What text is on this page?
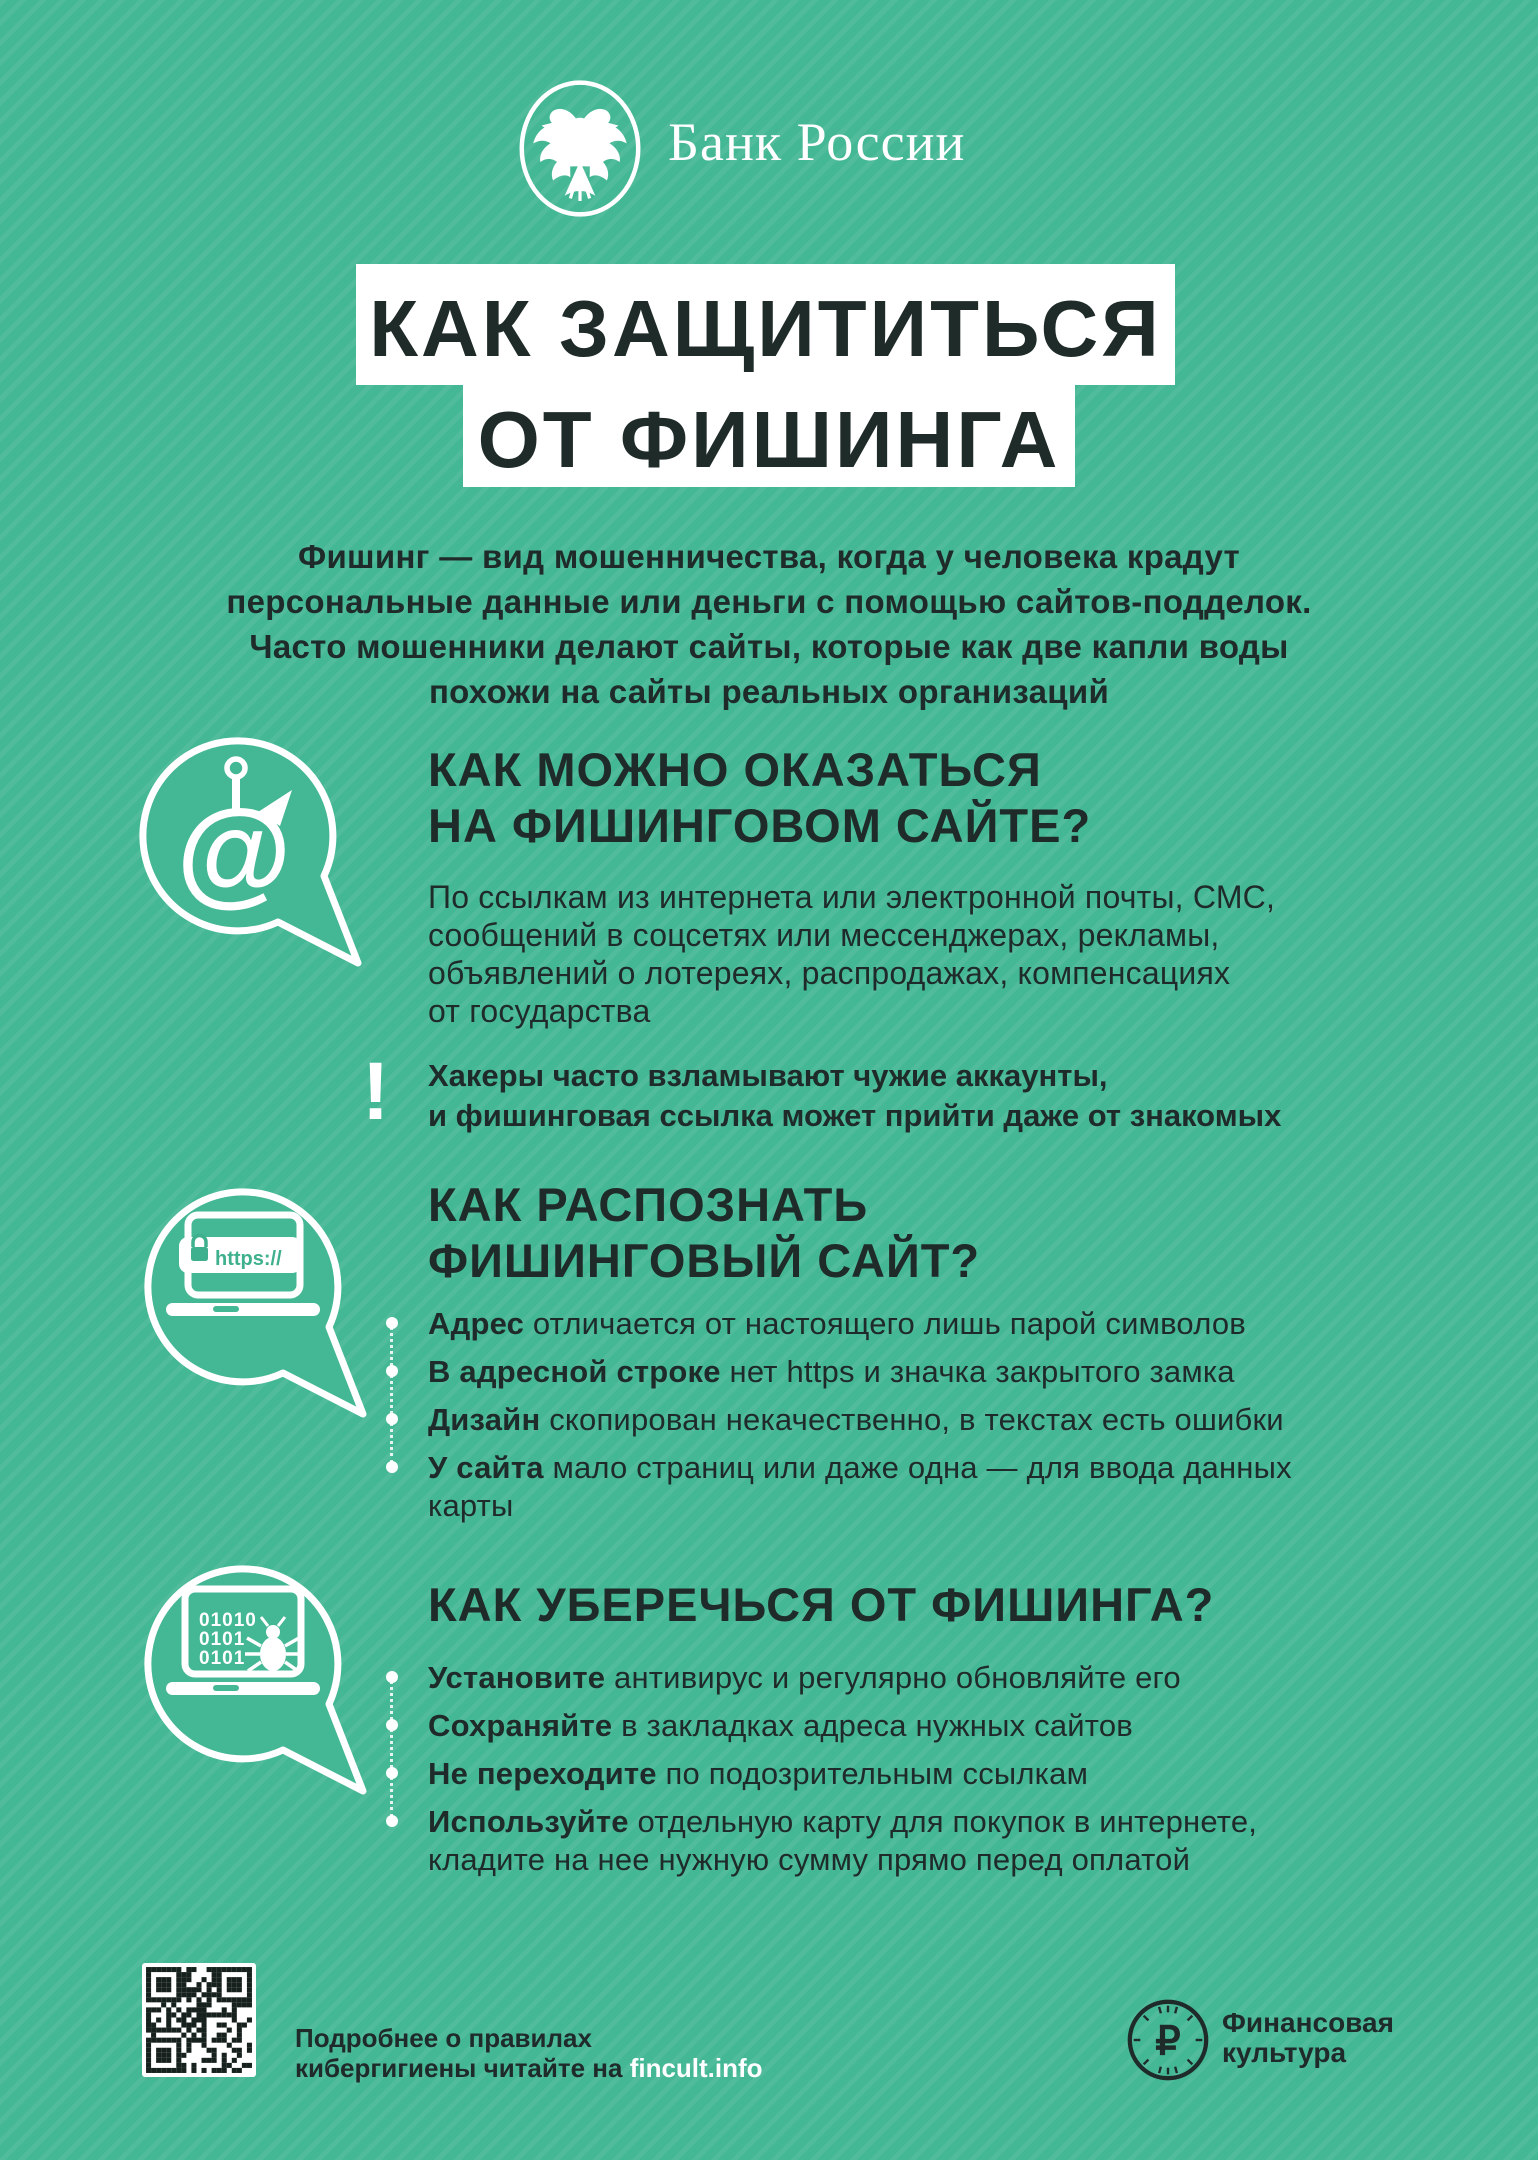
Банк России
КАК ЗАЩИТИТЬСЯ
ОТ ФИШИНГА
Фишинг — вид мошенничества, когда у человека крадут
персональные данные или деньги с помощью сайтов-подделок.
Часто мошенники делают сайты, которые как две капли воды
похожи на сайты реальных организаций
@
КАК МОЖНО ОКАЗАТЬСЯ
НА ФИШИНГОВОМ САЙТЕ?
По ссылкам из интернета или электронной почты, СМС,
сообщений в соцсетях или мессенджерах, рекламы,
объявлений о лотереях, распродажах, компенсациях
от государства
! Хакеры часто взламывают чужие аккаунты,
и фишинговая ссылка может прийти даже от знакомых
https://
КАК РАСПОЗНАТЬ
ФИШИНГОВЫЙ САЙТ?
Адрес отличается от настоящего лишь парой символов
В адресной строке нет https и значка закрытого замка
Дизайн скопирован некачественно, в текстах есть ошибки
У сайта мало страниц или даже одна — для ввода данных
карты
01010
0101
0101
КАК УБЕРЕЧЬСЯ ОТ ФИШИНГА?
Установите антивирус и регулярно обновляйте его
Сохраняйте в закладках адреса нужных сайтов
Не переходите по подозрительным ссылкам
Используйте отдельную карту для покупок в интернете,
кладите на нее нужную сумму прямо перед оплатой
Подробнее о правилах
кибергигиены читайте на fincult.info
₽ Финансовая
культура
